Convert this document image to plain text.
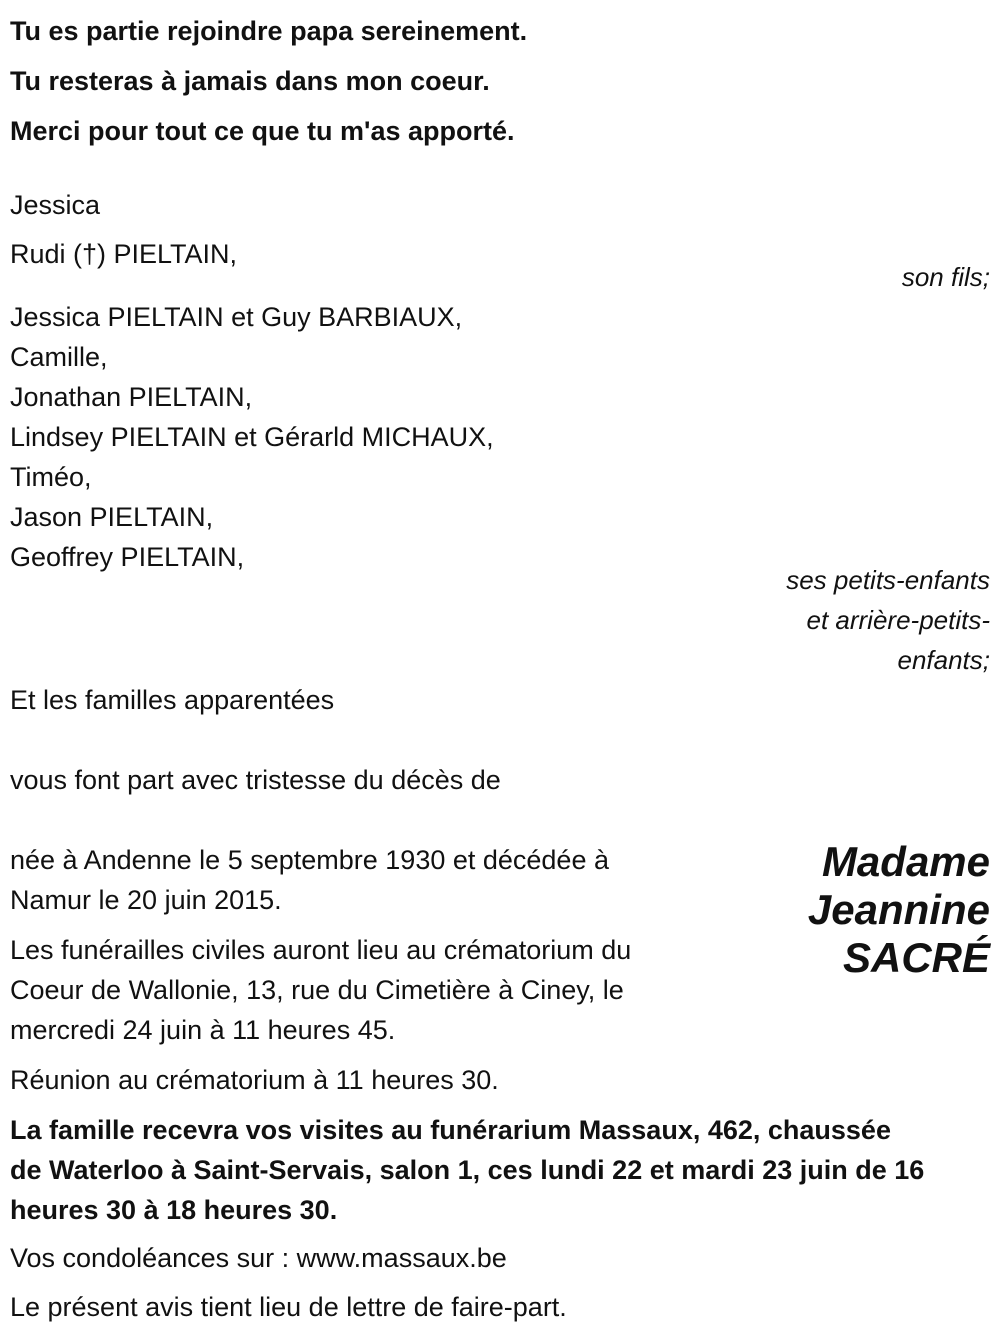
Tu es partie rejoindre papa sereinement.
Tu resteras à jamais dans mon coeur.
Merci pour tout ce que tu m'as apporté.
Jessica
Rudi (†) PIELTAIN,
son fils;
Jessica PIELTAIN et Guy BARBIAUX,
Camille,
Jonathan PIELTAIN,
Lindsey PIELTAIN et Gérarld MICHAUX,
Timéo,
Jason PIELTAIN,
Geoffrey PIELTAIN,
ses petits-enfants
et arrière-petits-
enfants;
Et les familles apparentées
vous font part avec tristesse du décès de
Madame
Jeannine
SACRÉ
née à Andenne le 5 septembre 1930 et décédée à
Namur le 20 juin 2015.
Les funérailles civiles auront lieu au crématorium du
Coeur de Wallonie, 13, rue du Cimetière à Ciney, le
mercredi 24 juin à 11 heures 45.
Réunion au crématorium à 11 heures 30.
La famille recevra vos visites au funérarium Massaux, 462, chaussée
de Waterloo à Saint-Servais, salon 1, ces lundi 22 et mardi 23 juin de 16
heures 30 à 18 heures 30.
Vos condoléances sur : www.massaux.be
Le présent avis tient lieu de lettre de faire-part.
